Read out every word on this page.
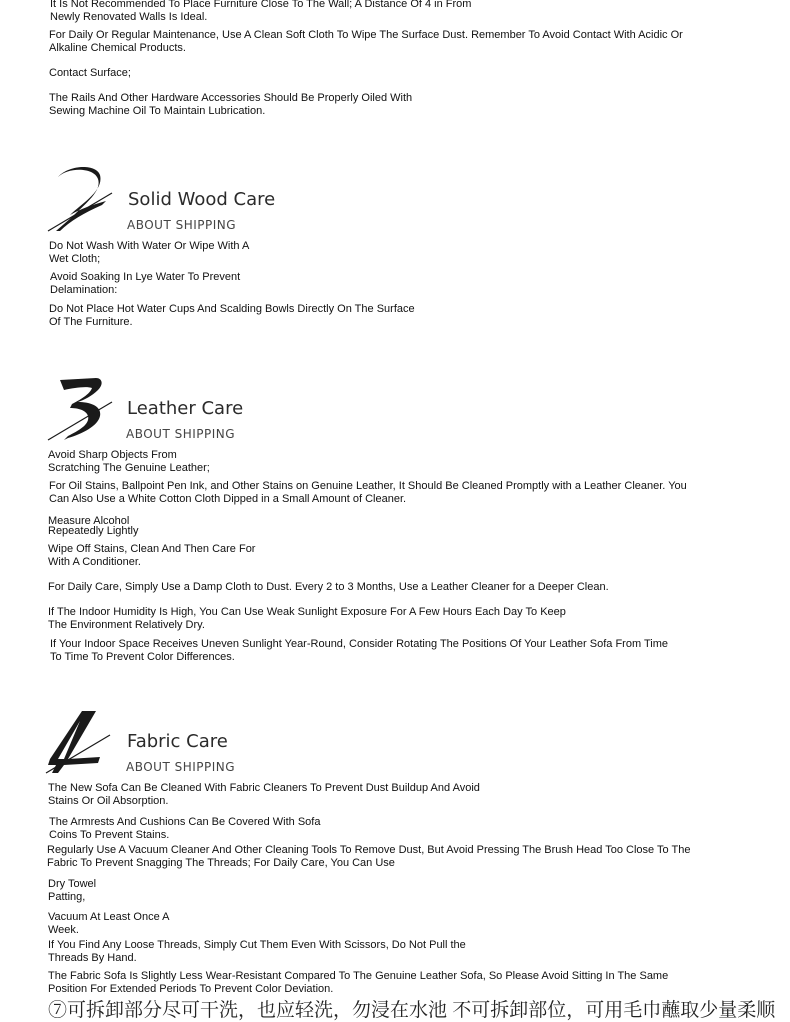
It Is Not Recommended To Place Furniture Close To The Wall; A Distance Of 4 in From
Newly Renovated Walls Is Ideal.

For Daily Or Regular Maintenance, Use A Clean Soft Cloth To Wipe The Surface Dust. Remember To Avoid Contact With Acidic Or
Alkaline Chemical Products.

Contact Surface;

The Rails And Other Hardware Accessories Should Be Properly Oiled With
Sewing Machine Oil To Maintain Lubrication.

Solid Wood Care
ABOUT SHIPPING

Do Not Wash With Water Or Wipe With A
Wet Cloth;

Avoid Soaking In Lye Water To Prevent
Delamination:

Do Not Place Hot Water Cups And Scalding Bowls Directly On The Surface
Of The Furniture.

Leather Care
ABOUT SHIPPING

Avoid Sharp Objects From
Scratching The Genuine Leather;

For Oil Stains, Ballpoint Pen Ink, and Other Stains on Genuine Leather, It Should Be Cleaned Promptly with a Leather Cleaner. You
Can Also Use a White Cotton Cloth Dipped in a Small Amount of Cleaner.

Measure Alcohol

Repeatedly Lightly

Wipe Off Stains, Clean And Then Care For
With A Conditioner.

For Daily Care, Simply Use a Damp Cloth to Dust. Every 2 to 3 Months, Use a Leather Cleaner for a Deeper Clean.

If The Indoor Humidity Is High, You Can Use Weak Sunlight Exposure For A Few Hours Each Day To Keep
The Environment Relatively Dry.

If Your Indoor Space Receives Uneven Sunlight Year-Round, Consider Rotating The Positions Of Your Leather Sofa From Time
To Time To Prevent Color Differences.

Fabric Care
ABOUT SHIPPING

The New Sofa Can Be Cleaned With Fabric Cleaners To Prevent Dust Buildup And Avoid
Stains Or Oil Absorption.

The Armrests And Cushions Can Be Covered With Sofa
Coins To Prevent Stains.

Regularly Use A Vacuum Cleaner And Other Cleaning Tools To Remove Dust, But Avoid Pressing The Brush Head Too Close To The
Fabric To Prevent Snagging The Threads; For Daily Care, You Can Use

Dry Towel
Patting,

Vacuum At Least Once A
Week.

If You Find Any Loose Threads, Simply Cut Them Even With Scissors, Do Not Pull the
Threads By Hand.

The Fabric Sofa Is Slightly Less Wear-Resistant Compared To The Genuine Leather Sofa, So Please Avoid Sitting In The Same
Position For Extended Periods To Prevent Color Deviation.

⑦可拆卸部分尽可干洗，也应轻洗，勿浸在水池 不可拆卸部位，可用毛巾蘸取少量柔顺
